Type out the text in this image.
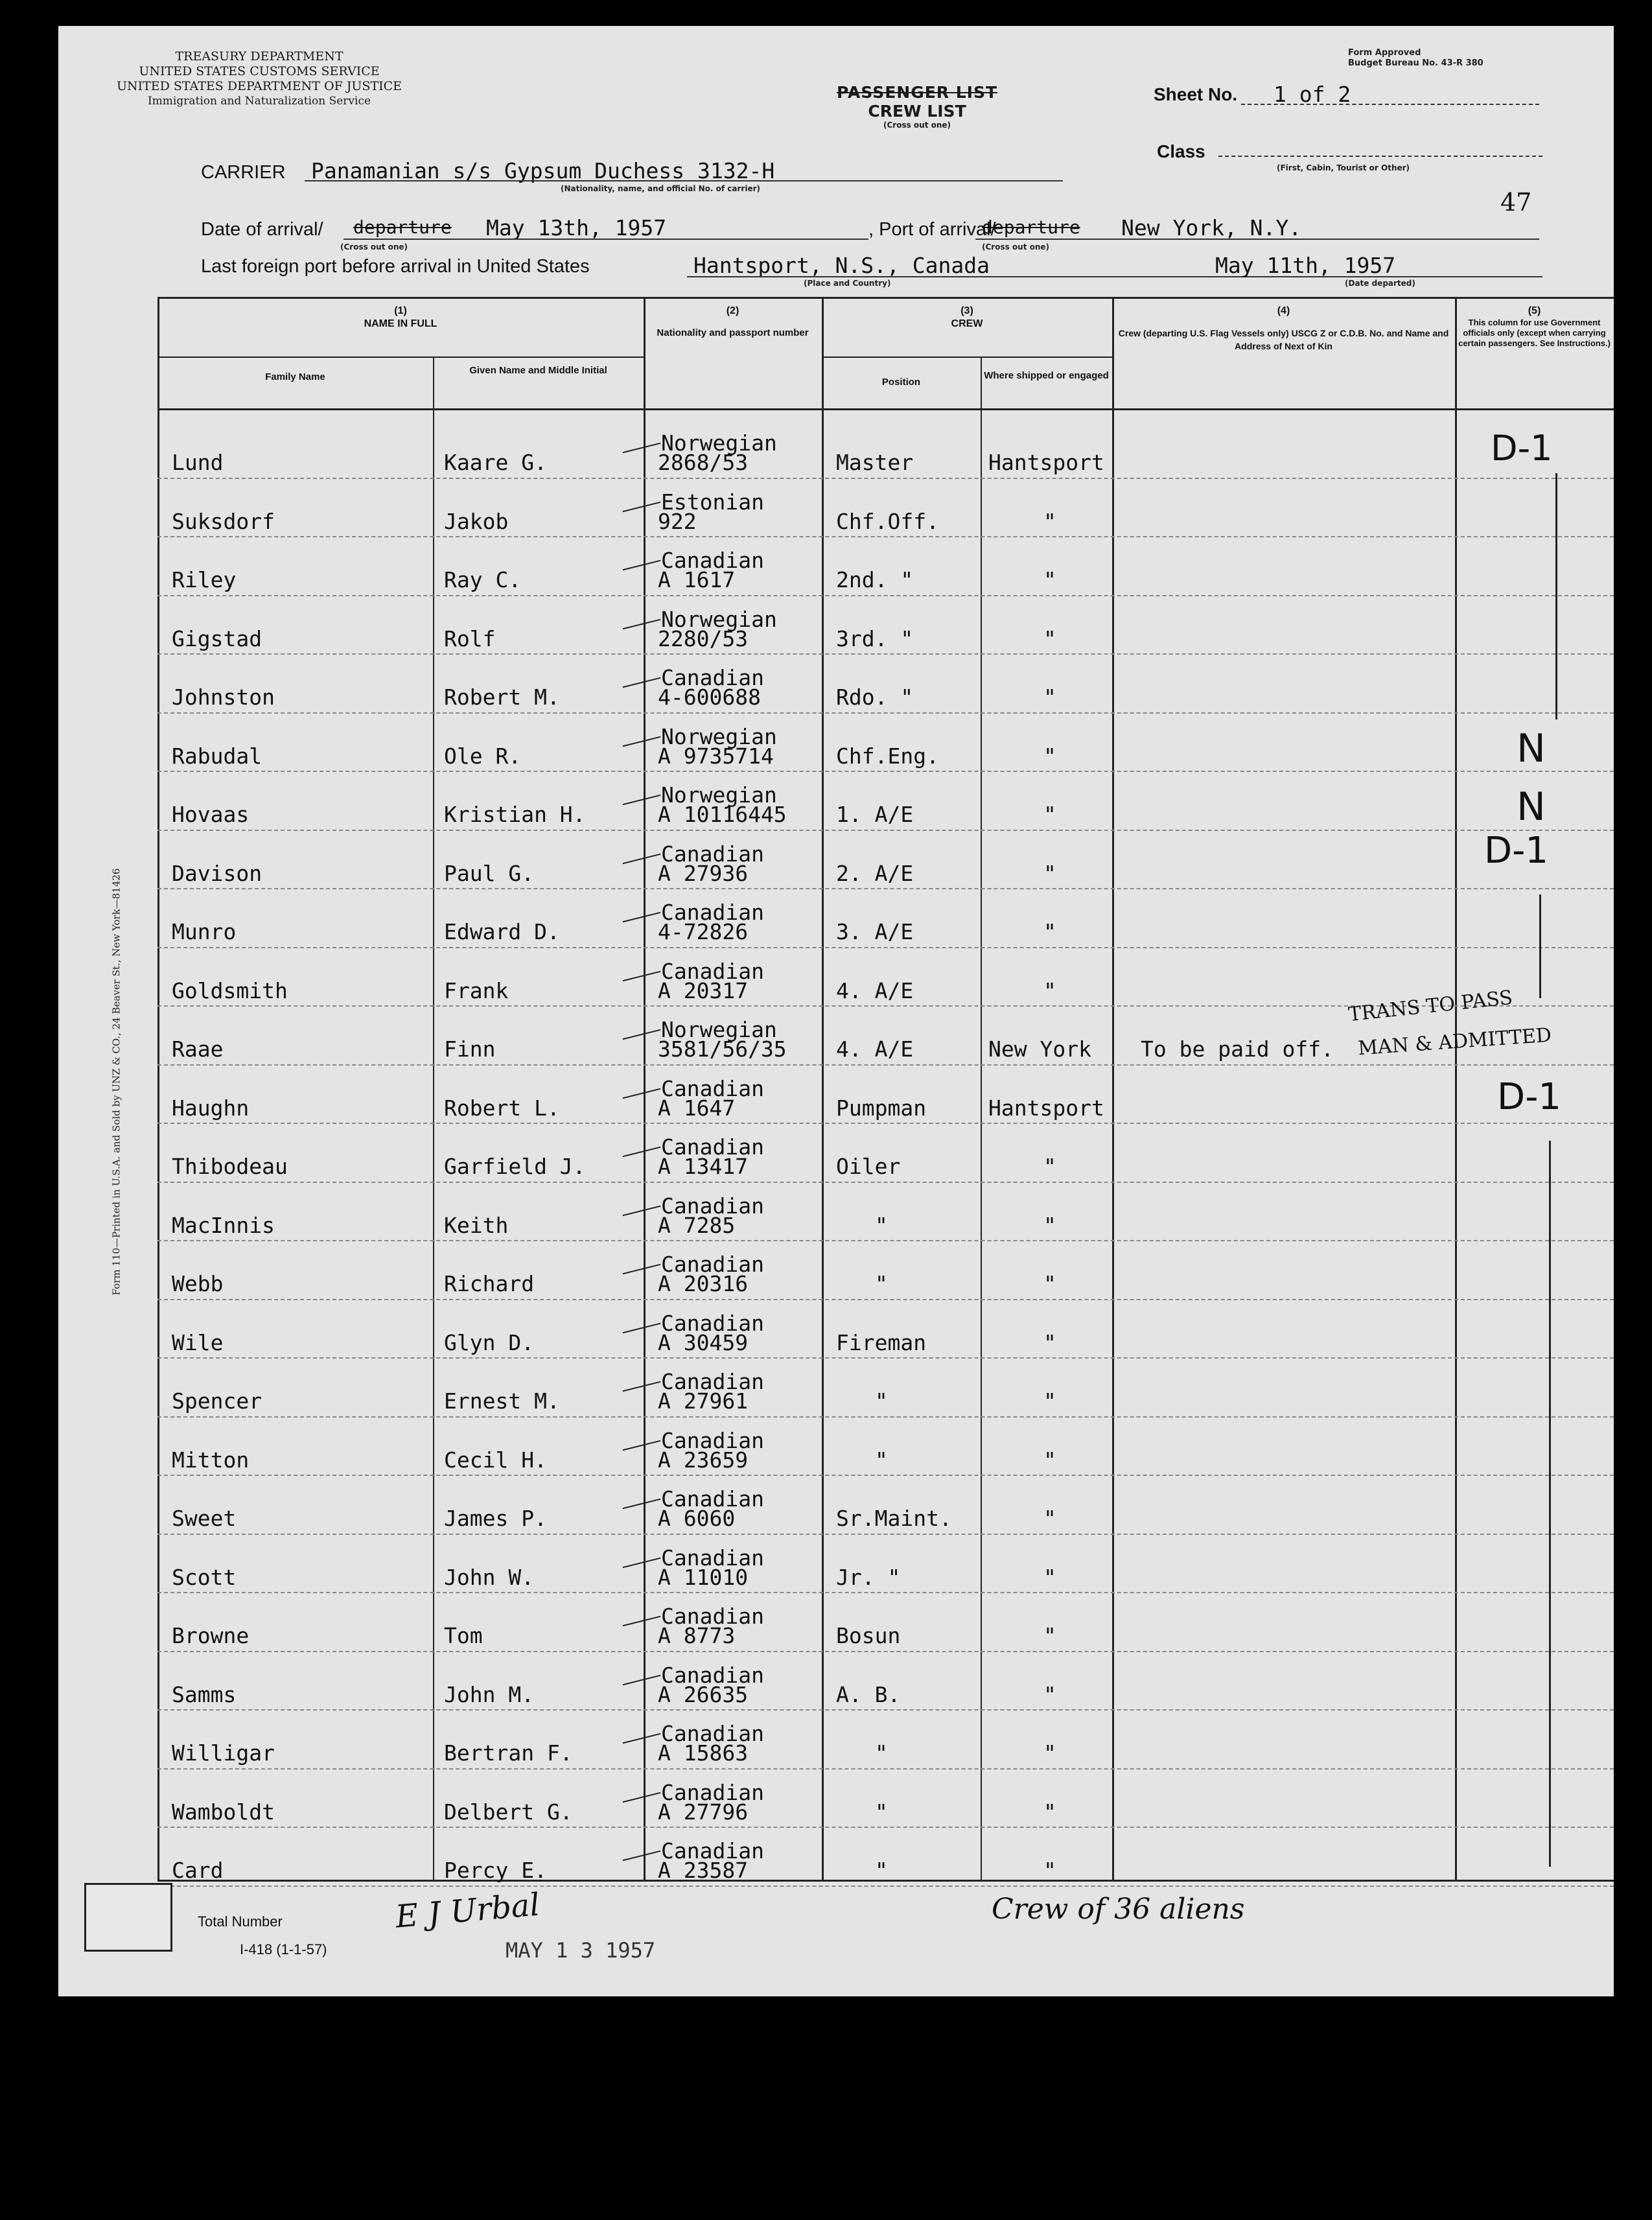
TREASURY DEPARTMENT
UNITED STATES CUSTOMS SERVICE
UNITED STATES DEPARTMENT OF JUSTICE
Immigration and Naturalization Service
Form Approved
Budget Bureau No. 43-R 380
PASSENGER LIST
CREW LIST
(Cross out one)
Sheet No. 1 of 2
Class
(First, Cabin, Tourist or Other)
CARRIER Panamanian s/s Gypsum Duchess 3132-H
(Nationality, name, and official No. of carrier)	47
Date of arrival/ departure May 13th, 1957
(Cross out one)
, Port of arrival/
departure New York, N.Y.
(Cross out one)
Last foreign port before arrival in United States	Hantsport, N.S., Canada
(Place and Country)
May 11th, 1957
(Date departed)
(1)
NAME IN FULL
Family Name
Given Name and Middle Initial
(2)
Nationality and passport number
(3)
CREW
Position
Where shipped or engaged
(4)
Crew (departing U.S. Flag Vessels only) USCG Z or C.D.B. No. and Name and Address of Next of Kin
(5)
This column for use Government officials only (except when carrying certain passengers. See Instructions.)
Lund	Kaare G.
Norwegian
2868/53	Master	Hantsport
Suksdorf	Jakob
Estonian
922	Chf.Off.	"
Riley	Ray C.
Canadian
A 1617	2nd. "	"
Gigstad	Rolf
Norwegian
2280/53	3rd. "	"
Johnston	Robert M.
Canadian
4-600688	Rdo. "	"
Rabudal	Ole R.
Norwegian
A 9735714	Chf.Eng.	"
Hovaas	Kristian H.
Norwegian
A 10116445 1. A/E	"
Davison	Paul G.
Canadian
A 27936	2. A/E	"
Munro	Edward D.
Canadian
4-72826	3. A/E	"
Goldsmith	Frank
Canadian
A 20317	4. A/E	"
Raae	Finn
Norwegian
3581/56/35 4. A/E	New York To be paid off.
Haughn	Robert L.
Canadian
A 1647	Pumpman	Hantsport
Thibodeau	Garfield J.
Canadian
A 13417	Oiler	"
MacInnis	Keith
Canadian
A 7285	"	"
Webb	Richard
Canadian
A 20316	"	"
Wile	Glyn D.
Canadian
A 30459	Fireman	"
Spencer	Ernest M.
Canadian
A 27961	"	"
Mitton	Cecil H.
Canadian
A 23659	"	"
Sweet	James P.
Canadian
A 6060	Sr.Maint.	"
Scott	John W.
Canadian
A 11010	Jr. "	"
Browne	Tom
Canadian
A 8773	Bosun	"
Samms	John M.
Canadian
A 26635	A. B.	"
Willigar	Bertran F.
Canadian
A 15863	"	"
Wamboldt	Delbert G.
Canadian
A 27796	"	"
Card	Percy E.
Canadian
A 23587	"	"
D-1
N
N
D-1
TRANS TO PASS
MAN & ADMITTED
D-1
Total Number
I-418 (1-1-57)
E J Urbal
MAY 1 3 1957
Crew of 36 aliens
Form 110—Printed in U.S.A. and Sold by UNZ & CO., 24 Beaver St., New York—81426
